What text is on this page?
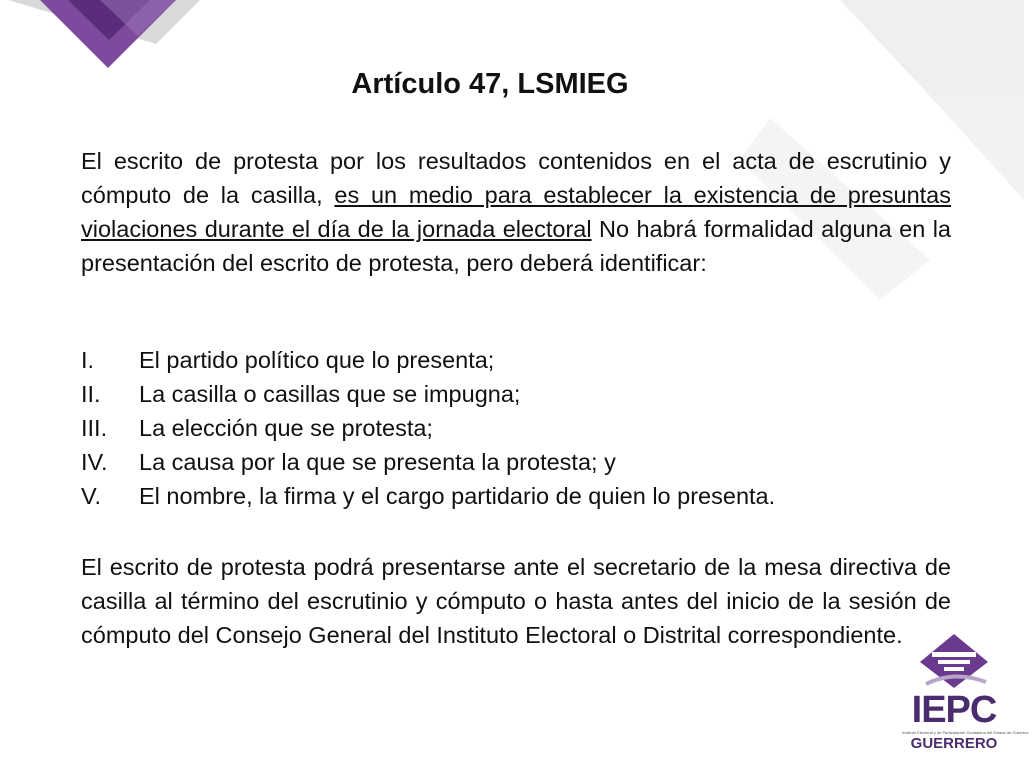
Artículo 47, LSMIEG
El escrito de protesta por los resultados contenidos en el acta de escrutinio y cómputo de la casilla, es un medio para establecer la existencia de presuntas violaciones durante el día de la jornada electoral No habrá formalidad alguna en la presentación del escrito de protesta, pero deberá identificar:
I.	El partido político que lo presenta;
II.	La casilla o casillas que se impugna;
III.	La elección que se protesta;
IV.	La causa por la que se presenta la protesta; y
V.	El nombre, la firma y el cargo partidario de quien lo presenta.
El escrito de protesta podrá presentarse ante el secretario de la mesa directiva de casilla al término del escrutinio y cómputo o hasta antes del inicio de la sesión de cómputo del Consejo General del Instituto Electoral o Distrital correspondiente.
IEPC
Instituto Electoral y de Participación Ciudadana del Estado de Guerrero
GUERRERO
